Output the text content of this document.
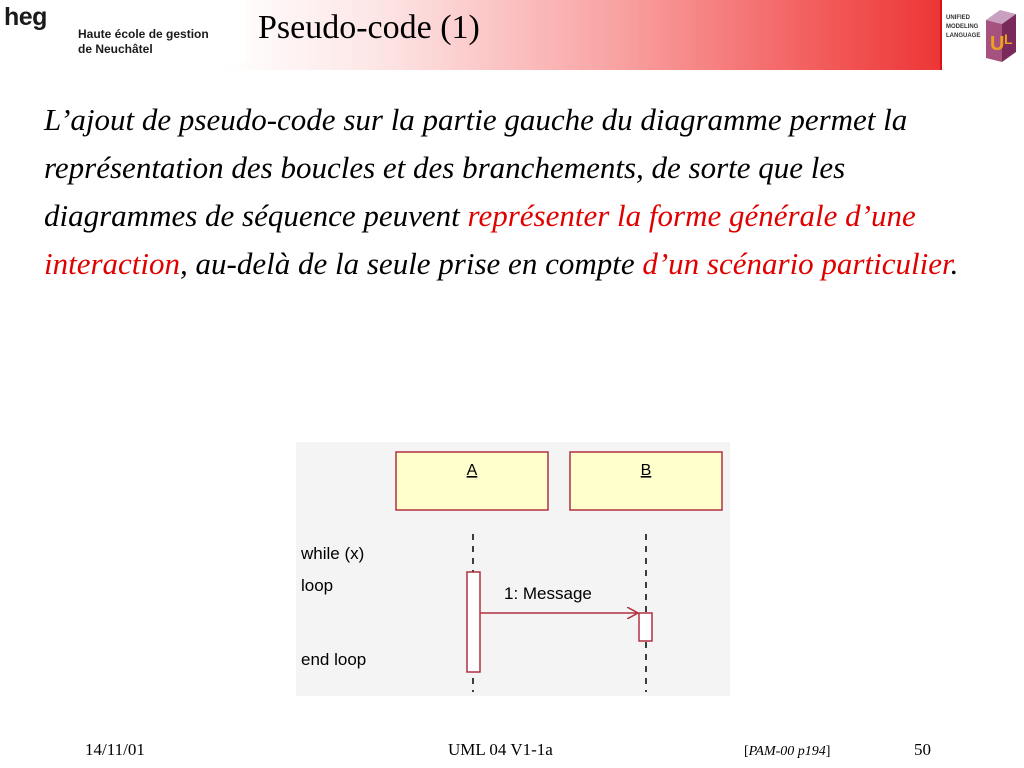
heg
Haute école de gestion
de Neuchâtel
Pseudo-code (1)	UNIFIED
MODELING
LANGUAGE U L
L’ajout de pseudo-code sur la partie gauche du diagramme permet la représentation des boucles et des branchements, de sorte que les diagrammes de séquence peuvent représenter la forme générale d’une interaction, au-delà de la seule prise en compte d’un scénario particulier.
A	B
1: Message
while (x)
loop
end loop
14/11/01	UML 04 V1-1a	[PAM-00 p194]	50
